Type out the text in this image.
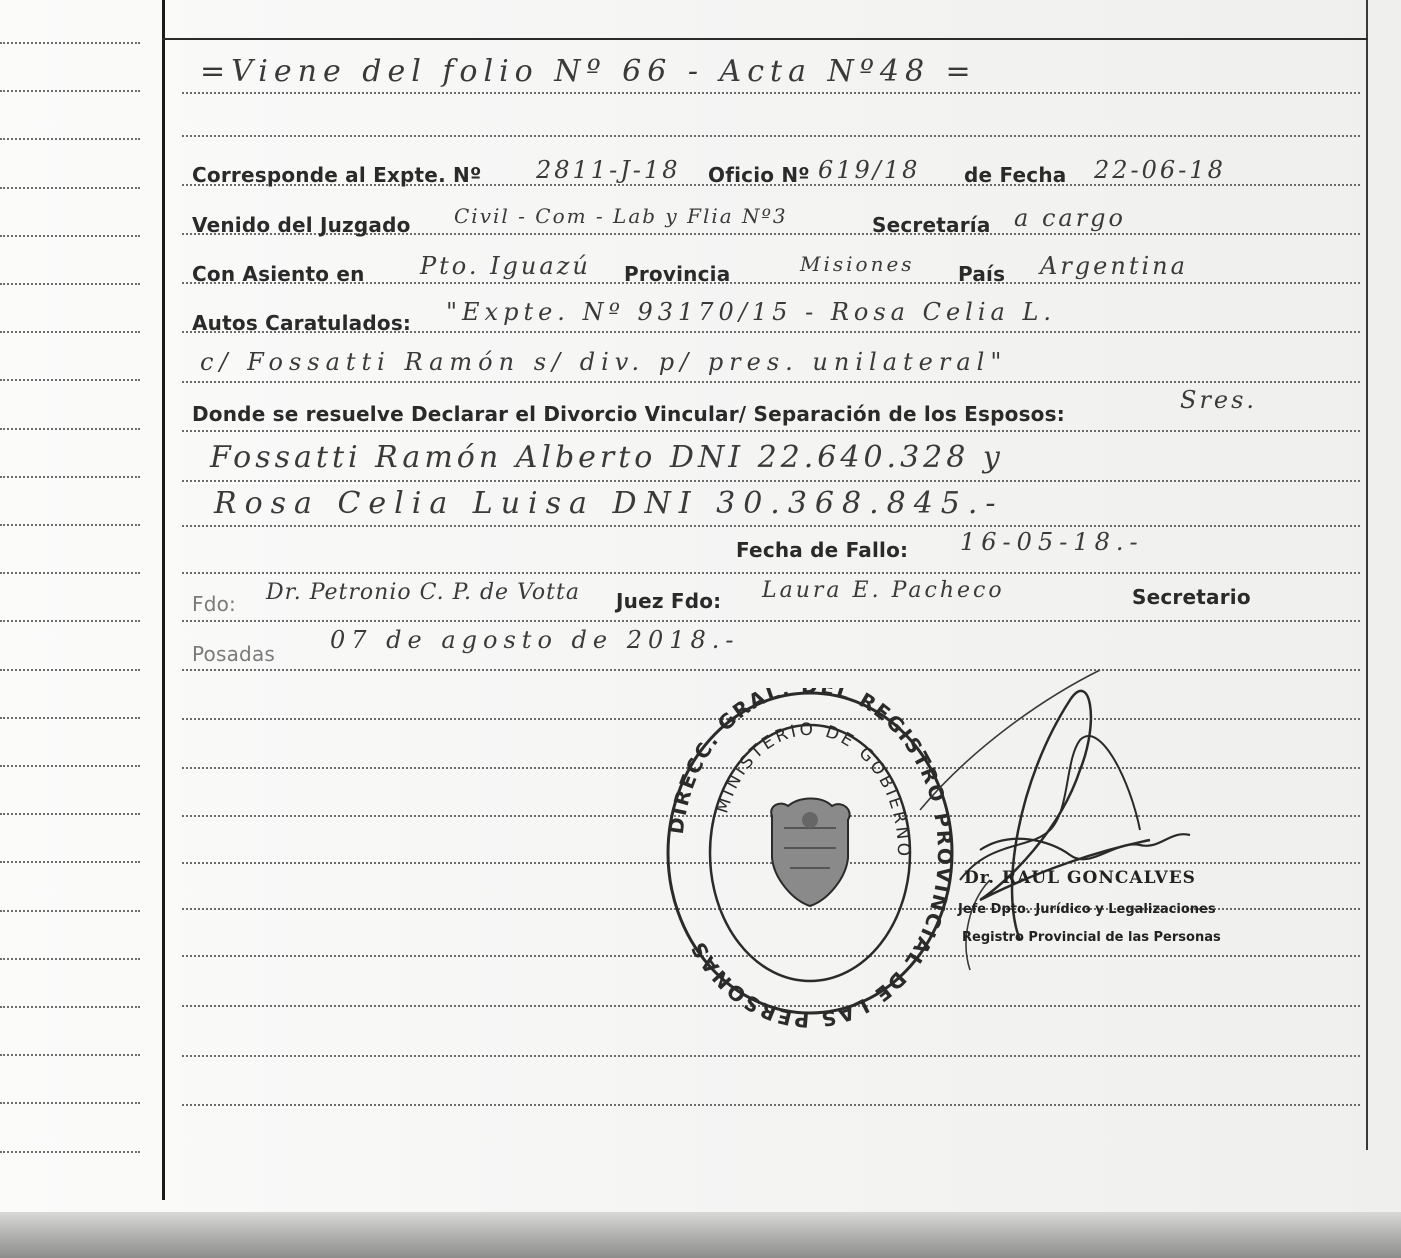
=Viene del folio Nº 66 - Acta Nº48 =
Corresponde al Expte. Nº 2811-J-18 Oficio Nº 619/18 de Fecha 22-06-18
Venido del Juzgado Civil - Com - Lab y Flia Nº3	Secretaría a cargo
Con Asiento en Pto. Iguazú Provincia	Misiones País Argentina
Autos Caratulados: "Expte. Nº 93170/15 - Rosa Celia L.
c/ Fossatti Ramón s/ div. p/ pres. unilateral"
Donde se resuelve Declarar el Divorcio Vincular/ Separación de los Esposos:	Sres.
Fossatti Ramón Alberto DNI 22.640.328 y
Rosa Celia Luisa DNI 30.368.845.-
Fecha de Fallo: 16-05-18.-
Fdo: Dr. Petronio C. P. de Votta Juez Fdo: Laura E. Pacheco	Secretario
Posadas 07 de agosto de 2018.-
DIRECC. GRAL. L REGISTRO PROVINCIAL DE LAS PERSONAS
MINISTERIO DE GOBIERNO
Dr. RAUL GONCALVES
Jefe Dpto. Jurídico y Legalizaciones
Registro Provincial de las Personas
